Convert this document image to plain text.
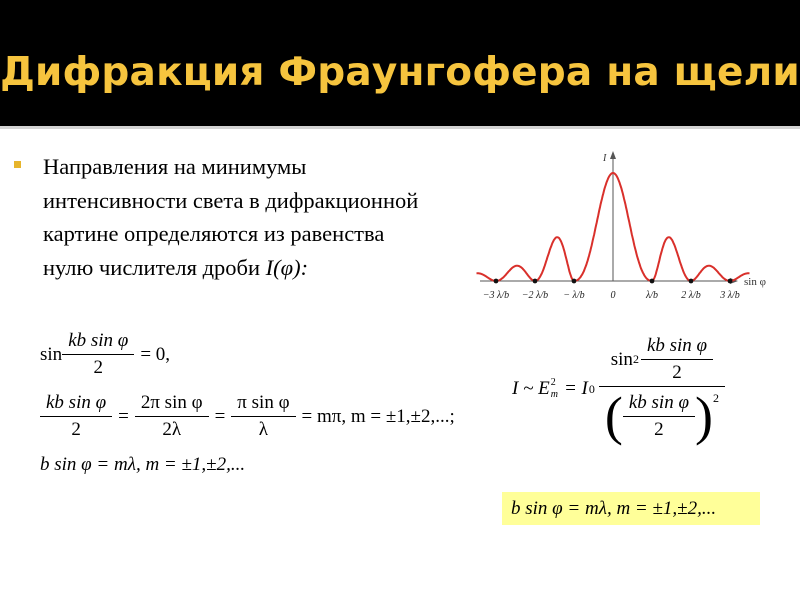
Дифракция Фраунгофера на щели
Направления на минимумы интенсивности света в дифракционной картине определяются из равенства нулю числителя дроби I(φ):
I
sin φ
−3 λ/b −2 λ/b − λ/b	0	λ/b 2 λ/b 3 λ/b
$\sin \frac{\text{kb sin φ}}{2} = 0$,
$\frac{\text{kb sin φ}}{2} = \frac{\text{2π sin φ}}{2\lambda} = \frac{\text{π sin φ}}{\lambda} = m\pi$, m = ±1,±2,...;
b sin φ = mλ, m = ±1,±2,...
I ~ E 2
m = I 0
$\sin 2 \frac{\text{kb sin φ}}{2}$
( $\frac{\text{kb sin φ}}{2} )^2$
b sin φ = mλ, m = ±1,±2,...
